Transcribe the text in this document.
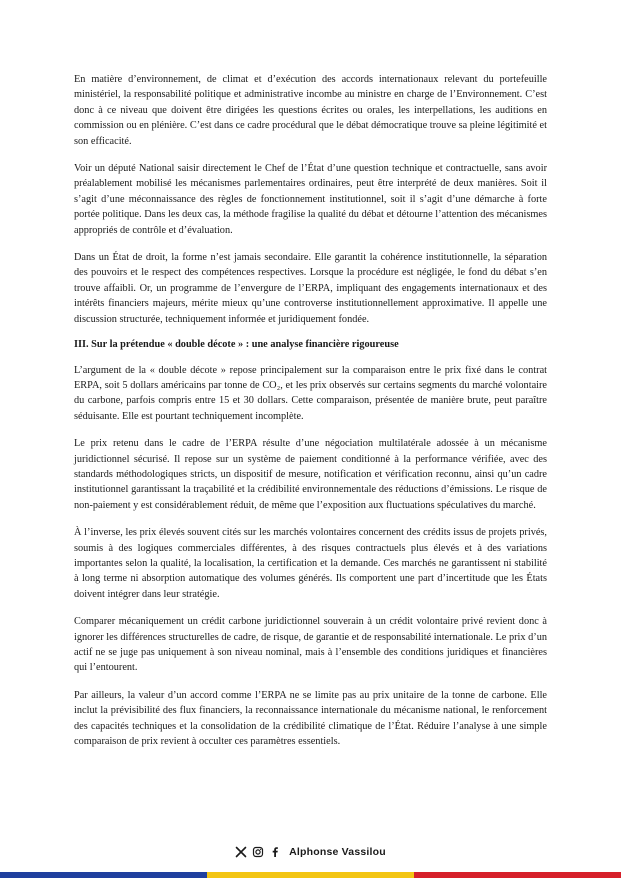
En matière d’environnement, de climat et d’exécution des accords internationaux relevant du portefeuille ministériel, la responsabilité politique et administrative incombe au ministre en charge de l’Environnement. C’est donc à ce niveau que doivent être dirigées les questions écrites ou orales, les interpellations, les auditions en commission ou en plénière. C’est dans ce cadre procédural que le débat démocratique trouve sa pleine légitimité et son efficacité.

Voir un député National saisir directement le Chef de l’État d’une question technique et contractuelle, sans avoir préalablement mobilisé les mécanismes parlementaires ordinaires, peut être interprété de deux manières. Soit il s’agit d’une méconnaissance des règles de fonctionnement institutionnel, soit il s’agit d’une démarche à forte portée politique. Dans les deux cas, la méthode fragilise la qualité du débat et détourne l’attention des mécanismes appropriés de contrôle et d’évaluation.

Dans un État de droit, la forme n’est jamais secondaire. Elle garantit la cohérence institutionnelle, la séparation des pouvoirs et le respect des compétences respectives. Lorsque la procédure est négligée, le fond du débat s’en trouve affaibli. Or, un programme de l’envergure de l’ERPA, impliquant des engagements internationaux et des intérêts financiers majeurs, mérite mieux qu’une controverse institutionnellement approximative. Il appelle une discussion structurée, techniquement informée et juridiquement fondée.

III. Sur la prétendue « double décote » : une analyse financière rigoureuse

L’argument de la « double décote » repose principalement sur la comparaison entre le prix fixé dans le contrat ERPA, soit 5 dollars américains par tonne de CO₂, et les prix observés sur certains segments du marché volontaire du carbone, parfois compris entre 15 et 30 dollars. Cette comparaison, présentée de manière brute, peut paraître séduisante. Elle est pourtant techniquement incomplète.

Le prix retenu dans le cadre de l’ERPA résulte d’une négociation multilatérale adossée à un mécanisme juridictionnel sécurisé. Il repose sur un système de paiement conditionné à la performance vérifiée, avec des standards méthodologiques stricts, un dispositif de mesure, notification et vérification reconnu, ainsi qu’un cadre institutionnel garantissant la traçabilité et la crédibilité environnementale des réductions d’émissions. Le risque de non-paiement y est considérablement réduit, de même que l’exposition aux fluctuations spéculatives du marché.

À l’inverse, les prix élevés souvent cités sur les marchés volontaires concernent des crédits issus de projets privés, soumis à des logiques commerciales différentes, à des risques contractuels plus élevés et à des variations importantes selon la qualité, la localisation, la certification et la demande. Ces marchés ne garantissent ni stabilité à long terme ni absorption automatique des volumes générés. Ils comportent une part d’incertitude que les États doivent intégrer dans leur stratégie.

Comparer mécaniquement un crédit carbone juridictionnel souverain à un crédit volontaire privé revient donc à ignorer les différences structurelles de cadre, de risque, de garantie et de responsabilité internationale. Le prix d’un actif ne se juge pas uniquement à son niveau nominal, mais à l’ensemble des conditions juridiques et financières qui l’entourent.

Par ailleurs, la valeur d’un accord comme l’ERPA ne se limite pas au prix unitaire de la tonne de carbone. Elle inclut la prévisibilité des flux financiers, la reconnaissance internationale du mécanisme national, le renforcement des capacités techniques et la consolidation de la crédibilité climatique de l’État. Réduire l’analyse à une simple comparaison de prix revient à occulter ces paramètres essentiels.

Alphonse Vassilou
